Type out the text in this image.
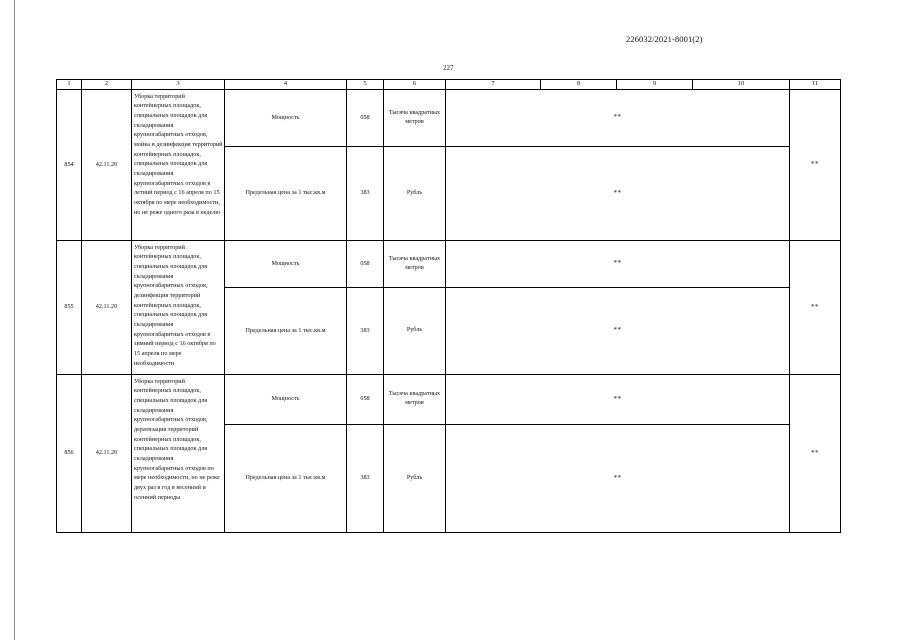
226032/2021-8001(2)
227
1	2	3	4	5	6	7	8	9	10	11
854	42.11.20	Уборка территорий контейнерных площадок, специальных площадок для складирования крупногабаритных отходов, мойка и дезинфекция территорий контейнерных площадок, специальных площадок для складирования крупногабаритных отходов в летний период с 16 апреля по 15 октября по мере необходимости, но не реже одного раза в неделю	Мощность	058	Тысяча квадратных метров	**				**
			Предельная цена за 1 тыс.кв.м	383	Рубль	**				
855	42.11.20	Уборка территорий контейнерных площадок, специальных площадок для складирования крупногабаритных отходов, дезинфекция территорий контейнерных площадок, специальных площадок для складирования крупногабаритных отходов в зимний период с 16 октября по 15 апреля по мере необходимости	Мощность	058	Тысяча квадратных метров	**				**
			Предельная цена за 1 тыс.кв.м	383	Рубль	**				
856	42.11.20	Уборка территорий контейнерных площадок, специальных площадок для складирования крупногабаритных отходов, дератизация территорий контейнерных площадок, специальных площадок для складирования крупногабаритных отходов по мере необходимости, но не реже двух раз в год в весенний и осенний периоды	Мощность	058	Тысяча квадратных метров	**				**
			Предельная цена за 1 тыс.кв.м	383	Рубль	**				
